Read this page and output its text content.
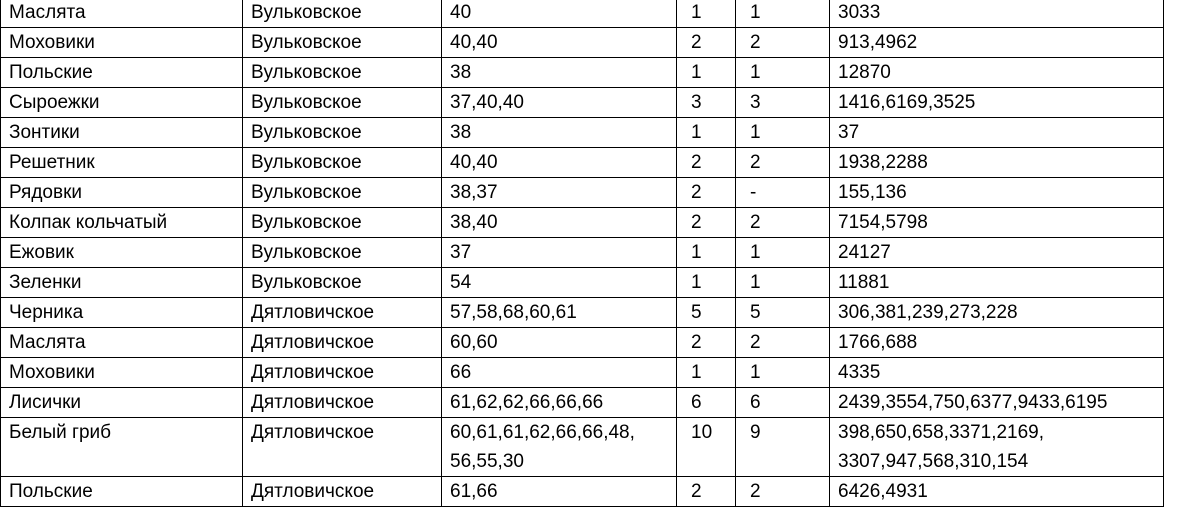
Маслята	Вульковское	40	1	1	3033
Моховики	Вульковское	40,40	2	2	913,4962
Польские	Вульковское	38	1	1	12870
Сыроежки	Вульковское	37,40,40	3	3	1416,6169,3525
Зонтики	Вульковское	38	1	1	37
Решетник	Вульковское	40,40	2	2	1938,2288
Рядовки	Вульковское	38,37	2	-	155,136
Колпак кольчатый	Вульковское	38,40	2	2	7154,5798
Ежовик	Вульковское	37	1	1	24127
Зеленки	Вульковское	54	1	1	11881
Черника	Дятловичское	57,58,68,60,61	5	5	306,381,239,273,228
Маслята	Дятловичское	60,60	2	2	1766,688
Моховики	Дятловичское	66	1	1	4335
Лисички	Дятловичское	61,62,62,66,66,66	6	6	2439,3554,750,6377,9433,6195
Белый гриб	Дятловичское	60,61,61,62,66,66,48,
56,55,30	10	9	398,650,658,3371,2169,
3307,947,568,310,154
Польские	Дятловичское	61,66	2	2	6426,4931
